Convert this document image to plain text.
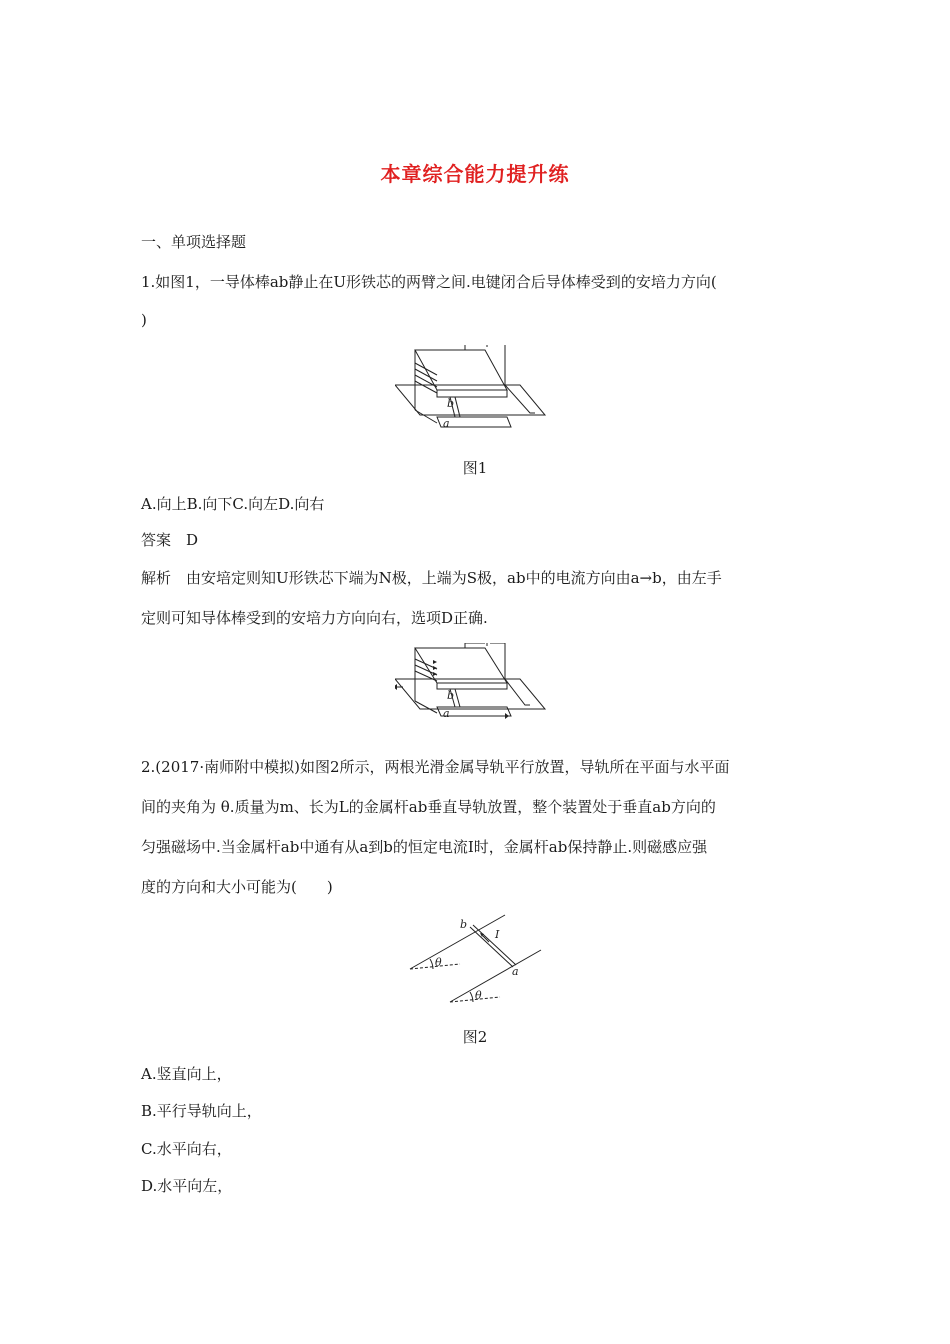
本章综合能力提升练
一、单项选择题
1.如图1，一导体棒ab静止在U形铁芯的两臂之间.电键闭合后导体棒受到的安培力方向(
)
b
a
图1
A.向上B.向下C.向左D.向右
答案　D
解析　由安培定则知U形铁芯下端为N极，上端为S极，ab中的电流方向由a→b，由左手
定则可知导体棒受到的安培力方向向右，选项D正确.
b
a
2.(2017·南师附中模拟)如图2所示，两根光滑金属导轨平行放置，导轨所在平面与水平面
间的夹角为 θ.质量为m、长为L的金属杆ab垂直导轨放置，整个装置处于垂直ab方向的
匀强磁场中.当金属杆ab中通有从a到b的恒定电流I时，金属杆ab保持静止.则磁感应强
度的方向和大小可能为(　　)
b
a
I
θ
θ
图2
A.竖直向上，
B.平行导轨向上，
C.水平向右，
D.水平向左，
